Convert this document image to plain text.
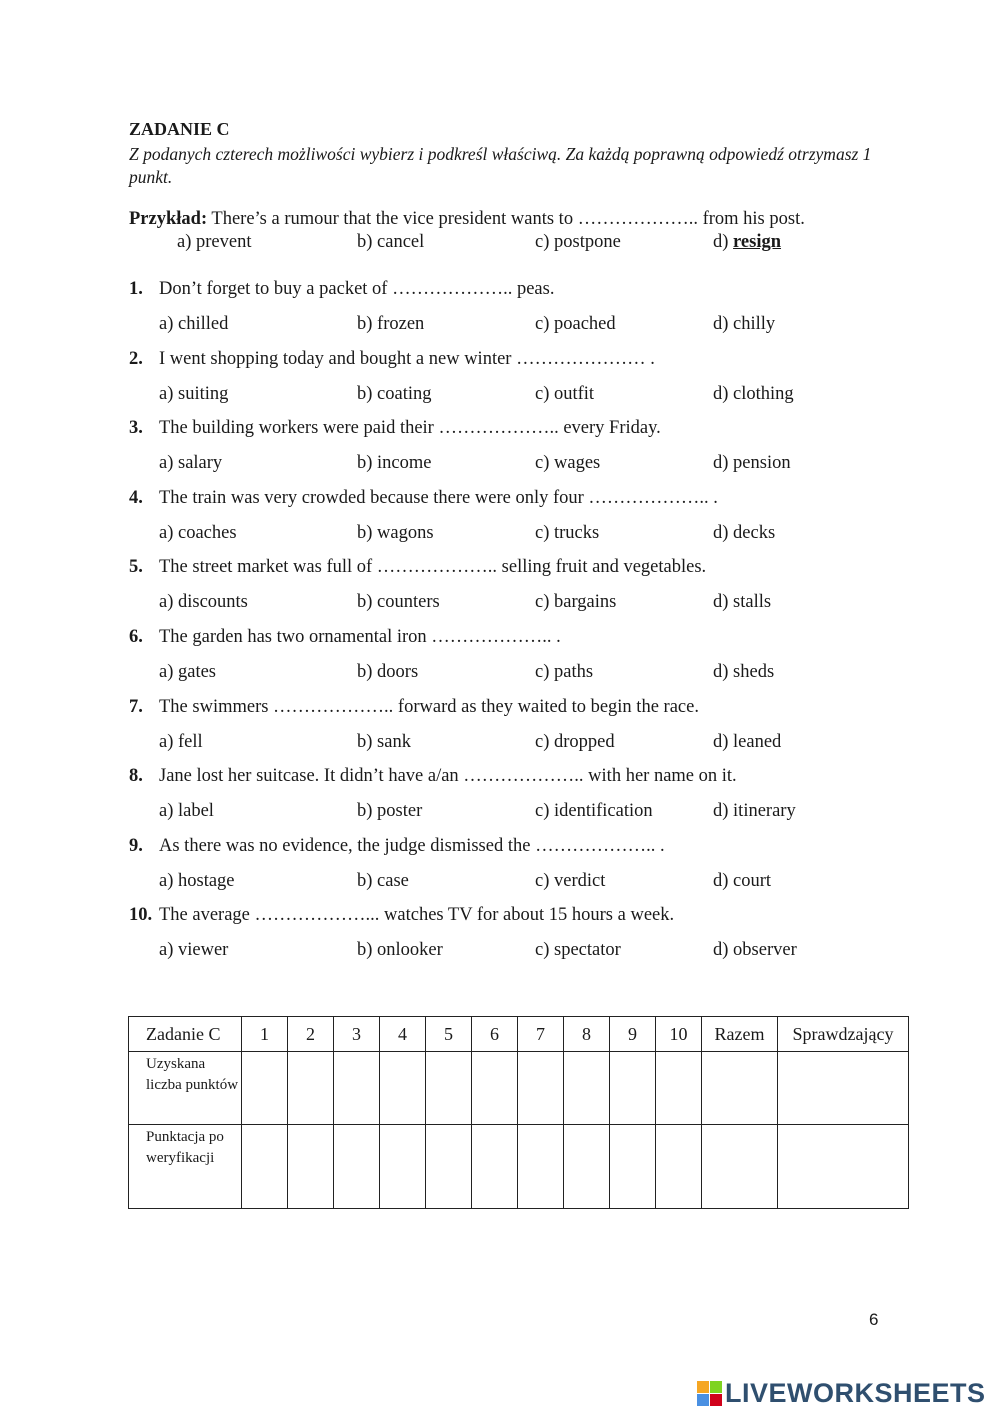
ZADANIE C
Z podanych czterech możliwości wybierz i podkreśl właściwą. Za każdą poprawną odpowiedź otrzymasz 1 punkt.
Przykład: There’s a rumour that the vice president wants to ……………….. from his post.
a) prevent	b) cancel	c) postpone	d) resign
1. Don’t forget to buy a packet of ……………….. peas.
a) chilled	b) frozen	c) poached	d) chilly
2. I went shopping today and bought a new winter ………………… .
a) suiting	b) coating	c) outfit	d) clothing
3. The building workers were paid their ……………….. every Friday.
a) salary	b) income	c) wages	d) pension
4. The train was very crowded because there were only four ……………….. .
a) coaches	b) wagons	c) trucks	d) decks
5. The street market was full of ……………….. selling fruit and vegetables.
a) discounts	b) counters	c) bargains	d) stalls
6. The garden has two ornamental iron ……………….. .
a) gates	b) doors	c) paths	d) sheds
7. The swimmers ……………….. forward as they waited to begin the race.
a) fell	b) sank	c) dropped	d) leaned
8. Jane lost her suitcase. It didn’t have a/an ……………….. with her name on it.
a) label	b) poster	c) identification	d) itinerary
9. As there was no evidence, the judge dismissed the ……………….. .
a) hostage	b) case	c) verdict	d) court
10. The average ………………... watches TV for about 15 hours a week.
a) viewer	b) onlooker	c) spectator	d) observer
Zadanie C	1	2	3	4	5	6	7	8	9	10	Razem	Sprawdzający
Uzyskana liczba punktów												
Punktacja po weryfikacji												
6
LIVEWORKSHEETS
